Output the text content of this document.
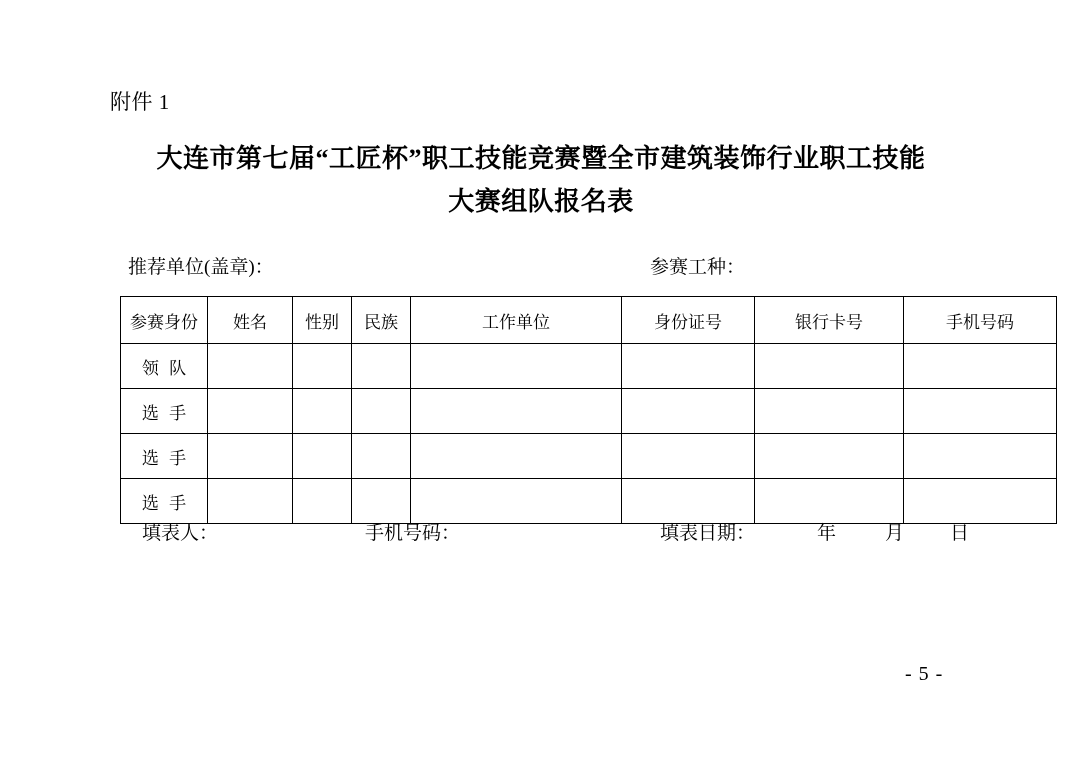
附件 1
大连市第七届“工匠杯”职工技能竞赛暨全市建筑装饰行业职工技能
大赛组队报名表
推荐单位(盖章)：	参赛工种：
参赛身份	姓名	性别	民族	工作单位	身份证号	银行卡号	手机号码
领队							
选手							
选手							
选手							
填表人：	手机号码：	填表日期：	年	月 日
- 5 -
